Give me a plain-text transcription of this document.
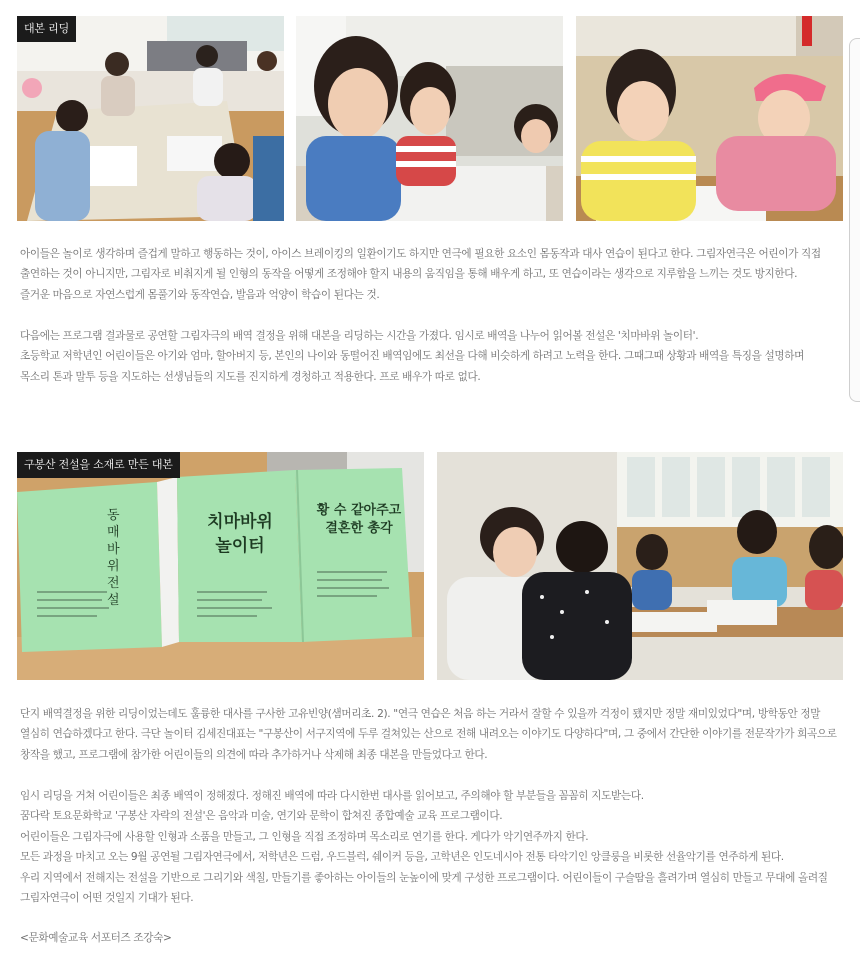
대본 리딩

아이들은 놀이로 생각하며 즐겁게 말하고 행동하는 것이, 아이스 브레이킹의 일환이기도 하지만 연극에 필요한 요소인 몸동작과 대사 연습이 된다고 한다. 그림자연극은 어린이가 직접

출연하는 것이 아니지만, 그림자로 비춰지게 될 인형의 동작을 어떻게 조정해야 할지 내용의 움직임을 통해 배우게 하고, 또 연습이라는 생각으로 지루함을 느끼는 것도 방지한다.

즐거운 마음으로 자연스럽게 몸풀기와 동작연습, 발음과 억양이 학습이 된다는 것.

다음에는 프로그램 결과물로 공연할 그림자극의 배역 결정을 위해 대본을 리딩하는 시간을 가졌다. 임시로 배역을 나누어 읽어볼 전설은 '치마바위 놀이터'.

초등학교 저학년인 어린이들은 아기와 엄마, 할아버지 등, 본인의 나이와 동떨어진 배역임에도 최선을 다해 비슷하게 하려고 노력을 한다. 그때그때 상황과 배역을 특징을 설명하며

목소리 톤과 말투 등을 지도하는 선생님들의 지도를 진지하게 경청하고 적용한다. 프로 배우가 따로 없다.

동 매 바 위 전 설
치마바위 놀이터
황 수 같아주고 결혼한 총각
구봉산 전설을 소재로 만든 대본

단지 배역결정을 위한 리딩이었는데도 훌륭한 대사를 구사한 고유빈양(샘머리초. 2). "연극 연습은 처음 하는 거라서 잘할 수 있을까 걱정이 됐지만 정말 재미있었다"며, 방학동안 정말

열심히 연습하겠다고 한다. 극단 놀이터 김세진대표는 "구봉산이 서구지역에 두루 걸쳐있는 산으로 전해 내려오는 이야기도 다양하다"며, 그 중에서 간단한 이야기를 전문작가가 희곡으로

창작을 했고, 프로그램에 참가한 어린이들의 의견에 따라 추가하거나 삭제해 최종 대본을 만들었다고 한다.

임시 리딩을 거쳐 어린이들은 최종 배역이 정해졌다. 정해진 배역에 따라 다시한번 대사를 읽어보고, 주의해야 할 부분들을 꼼꼼히 지도받는다.

꿈다락 토요문화학교 '구봉산 자락의 전설'은 음악과 미술, 연기와 문학이 합쳐진 종합예술 교육 프로그램이다.

어린이들은 그림자극에 사용할 인형과 소품을 만들고, 그 인형을 직접 조정하며 목소리로 연기를 한다. 게다가 악기연주까지 한다.

모든 과정을 마치고 오는 9월 공연될 그림자연극에서, 저학년은 드럼, 우드블럭, 쉐이커 등을, 고학년은 인도네시아 전통 타악기인 앙클룽을 비롯한 선율악기를 연주하게 된다.

우리 지역에서 전해지는 전설을 기반으로 그리기와 색칠, 만들기를 좋아하는 아이들의 눈높이에 맞게 구성한 프로그램이다. 어린이들이 구슬땀을 흘려가며 열심히 만들고 무대에 올려질

그림자연극이 어떤 것일지 기대가 된다.

<문화예술교육 서포터즈 조강숙>
